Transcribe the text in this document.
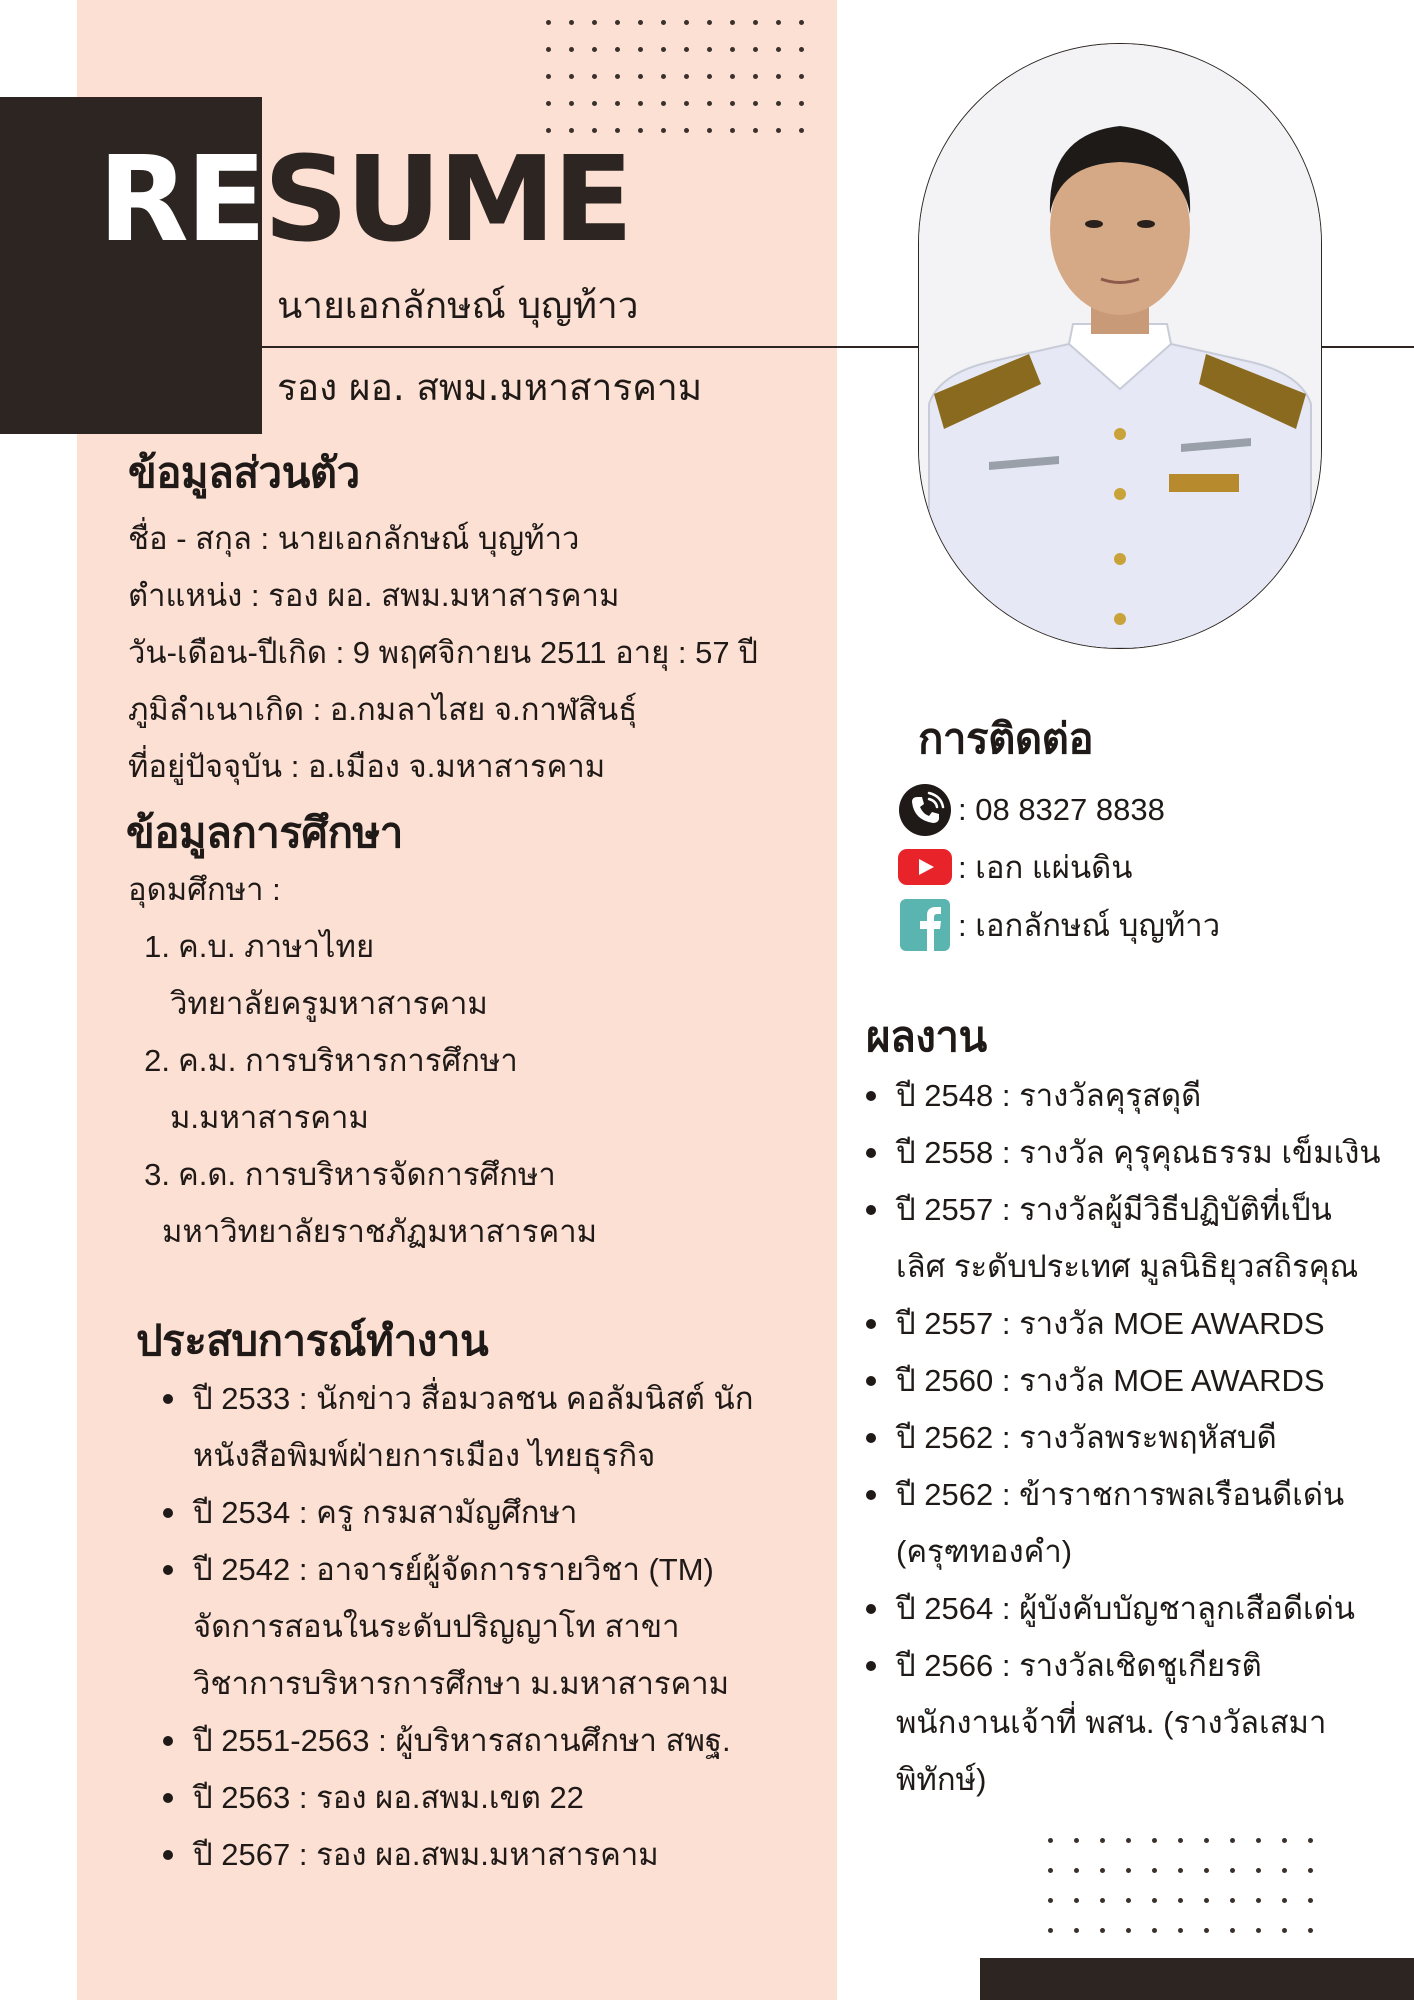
RESUME
นายเอกลักษณ์ บุญท้าว
รอง ผอ. สพม.มหาสารคาม
ข้อมูลส่วนตัว
ชื่อ - สกุล : นายเอกลักษณ์ บุญท้าว
ตำแหน่ง : รอง ผอ. สพม.มหาสารคาม
วัน-เดือน-ปีเกิด : 9 พฤศจิกายน 2511 อายุ : 57 ปี
ภูมิลำเนาเกิด : อ.กมลาไสย จ.กาฬสินธุ์
ที่อยู่ปัจจุบัน : อ.เมือง จ.มหาสารคาม
ข้อมูลการศึกษา
อุดมศึกษา :
1. ค.บ. ภาษาไทย
วิทยาลัยครูมหาสารคาม
2. ค.ม. การบริหารการศึกษา
ม.มหาสารคาม
3. ค.ด. การบริหารจัดการศึกษา
มหาวิทยาลัยราชภัฏมหาสารคาม
ประสบการณ์ทำงาน
ปี 2533 : นักข่าว สื่อมวลชน คอลัมนิสต์ นัก
หนังสือพิมพ์ฝ่ายการเมือง ไทยธุรกิจ
ปี 2534 : ครู กรมสามัญศึกษา
ปี 2542 : อาจารย์ผู้จัดการรายวิชา (TM)
จัดการสอนในระดับปริญญาโท สาขา
วิชาการบริหารการศึกษา ม.มหาสารคาม
ปี 2551-2563 : ผู้บริหารสถานศึกษา สพฐ.
ปี 2563 : รอง ผอ.สพม.เขต 22
ปี 2567 : รอง ผอ.สพม.มหาสารคาม
การติดต่อ
: 08 8327 8838
: เอก แผ่นดิน
: เอกลักษณ์ บุญท้าว
ผลงาน
ปี 2548 : รางวัลคุรุสดุดี
ปี 2558 : รางวัล คุรุคุณธรรม เข็มเงิน
ปี 2557 : รางวัลผู้มีวิธีปฏิบัติที่เป็น
เลิศ ระดับประเทศ มูลนิธิยุวสถิรคุณ
ปี 2557 : รางวัล MOE AWARDS
ปี 2560 : รางวัล MOE AWARDS
ปี 2562 : รางวัลพระพฤหัสบดี
ปี 2562 : ข้าราชการพลเรือนดีเด่น
(ครุฑทองคำ)
ปี 2564 : ผู้บังคับบัญชาลูกเสือดีเด่น
ปี 2566 : รางวัลเชิดชูเกียรติ
พนักงานเจ้าที่ พสน. (รางวัลเสมา
พิทักษ์)
